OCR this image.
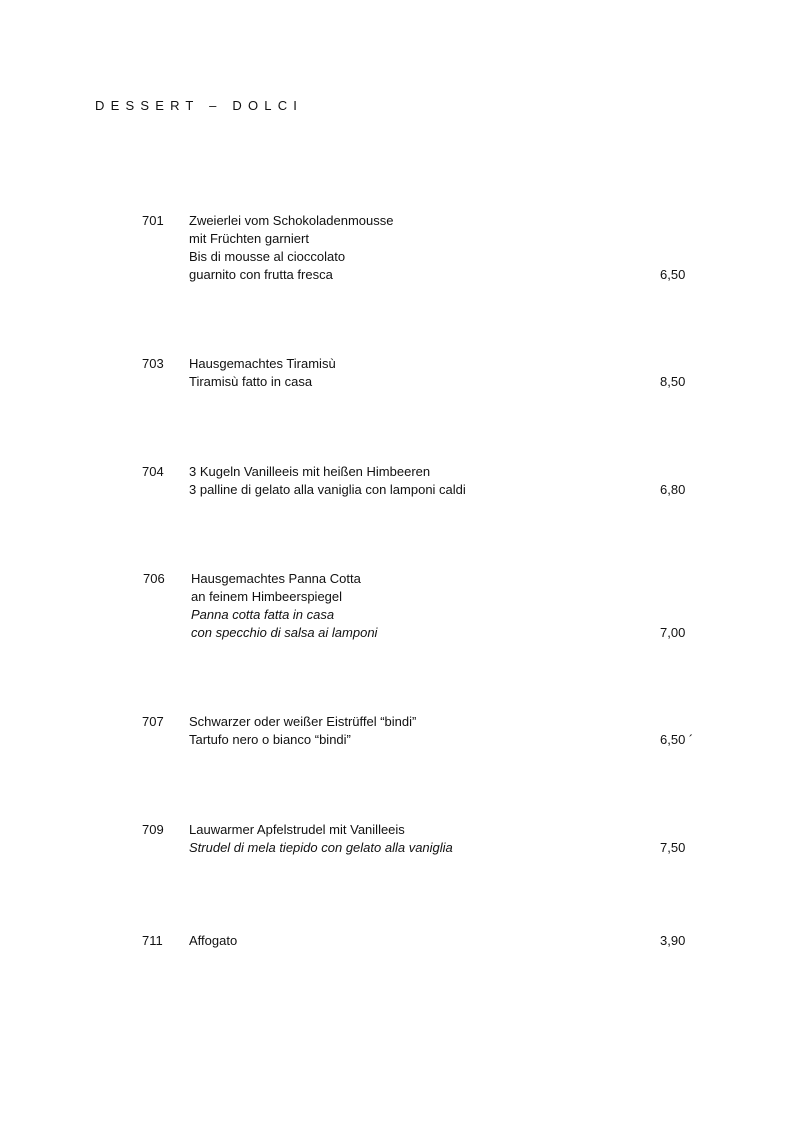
DESSERT – DOLCI
701 Zweierlei vom Schokoladenmousse
mit Früchten garniert
Bis di mousse al cioccolato
guarnito con frutta fresca	6,50
703 Hausgemachtes Tiramisù
Tiramisù fatto in casa	8,50
704 3 Kugeln Vanilleeis mit heißen Himbeeren
3 palline di gelato alla vaniglia con lamponi caldi	6,80
706 Hausgemachtes Panna Cotta
an feinem Himbeerspiegel
Panna cotta fatta in casa
con specchio di salsa ai lamponi	7,00
707 Schwarzer oder weißer Eistrüffel “bindi”
Tartufo nero o bianco “bindi”	6,50 ´
709 Lauwarmer Apfelstrudel mit Vanilleeis
Strudel di mela tiepido con gelato alla vaniglia	7,50
711 Affogato	3,90
